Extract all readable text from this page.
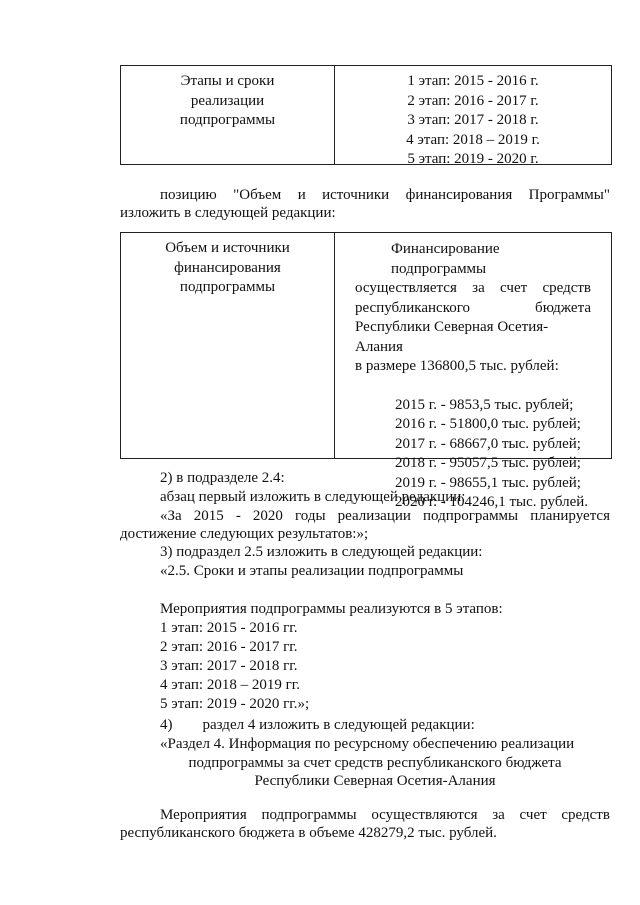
Этапы и сроки
реализации
подпрограммы
1 этап: 2015 - 2016 г.
2 этап: 2016 - 2017 г.
3 этап: 2017 - 2018 г.
4 этап: 2018 – 2019 г.
5 этап: 2019 - 2020 г.
позицию "Объем и источники финансирования Программы"
изложить в следующей редакции:
Объем и источники
финансирования
подпрограммы
Финансирование подпрограммы
осуществляется за счет средств
республиканского бюджета
Республики Северная Осетия-Алания
в размере 136800,5 тыс. рублей:
2015 г. - 9853,5 тыс. рублей;
2016 г. - 51800,0 тыс. рублей;
2017 г. - 68667,0 тыс. рублей;
2018 г. - 95057,5 тыс. рублей;
2019 г. - 98655,1 тыс. рублей;
2020 г. - 104246,1 тыс. рублей.
2) в подразделе 2.4:
абзац первый изложить в следующей редакции:
«За 2015 - 2020 годы реализации подпрограммы планируется
достижение следующих результатов:»;
3) подраздел 2.5 изложить в следующей редакции:
«2.5. Сроки и этапы реализации подпрограммы
Мероприятия подпрограммы реализуются в 5 этапов:
1 этап: 2015 - 2016 гг.
2 этап: 2016 - 2017 гг.
3 этап: 2017 - 2018 гг.
4 этап: 2018 – 2019 гг.
5 этап: 2019 - 2020 гг.»;
4) раздел 4 изложить в следующей редакции:
«Раздел 4. Информация по ресурсному обеспечению реализации
подпрограммы за счет средств республиканского бюджета
Республики Северная Осетия-Алания
Мероприятия подпрограммы осуществляются за счет средств
республиканского бюджета в объеме 428279,2 тыс. рублей.
